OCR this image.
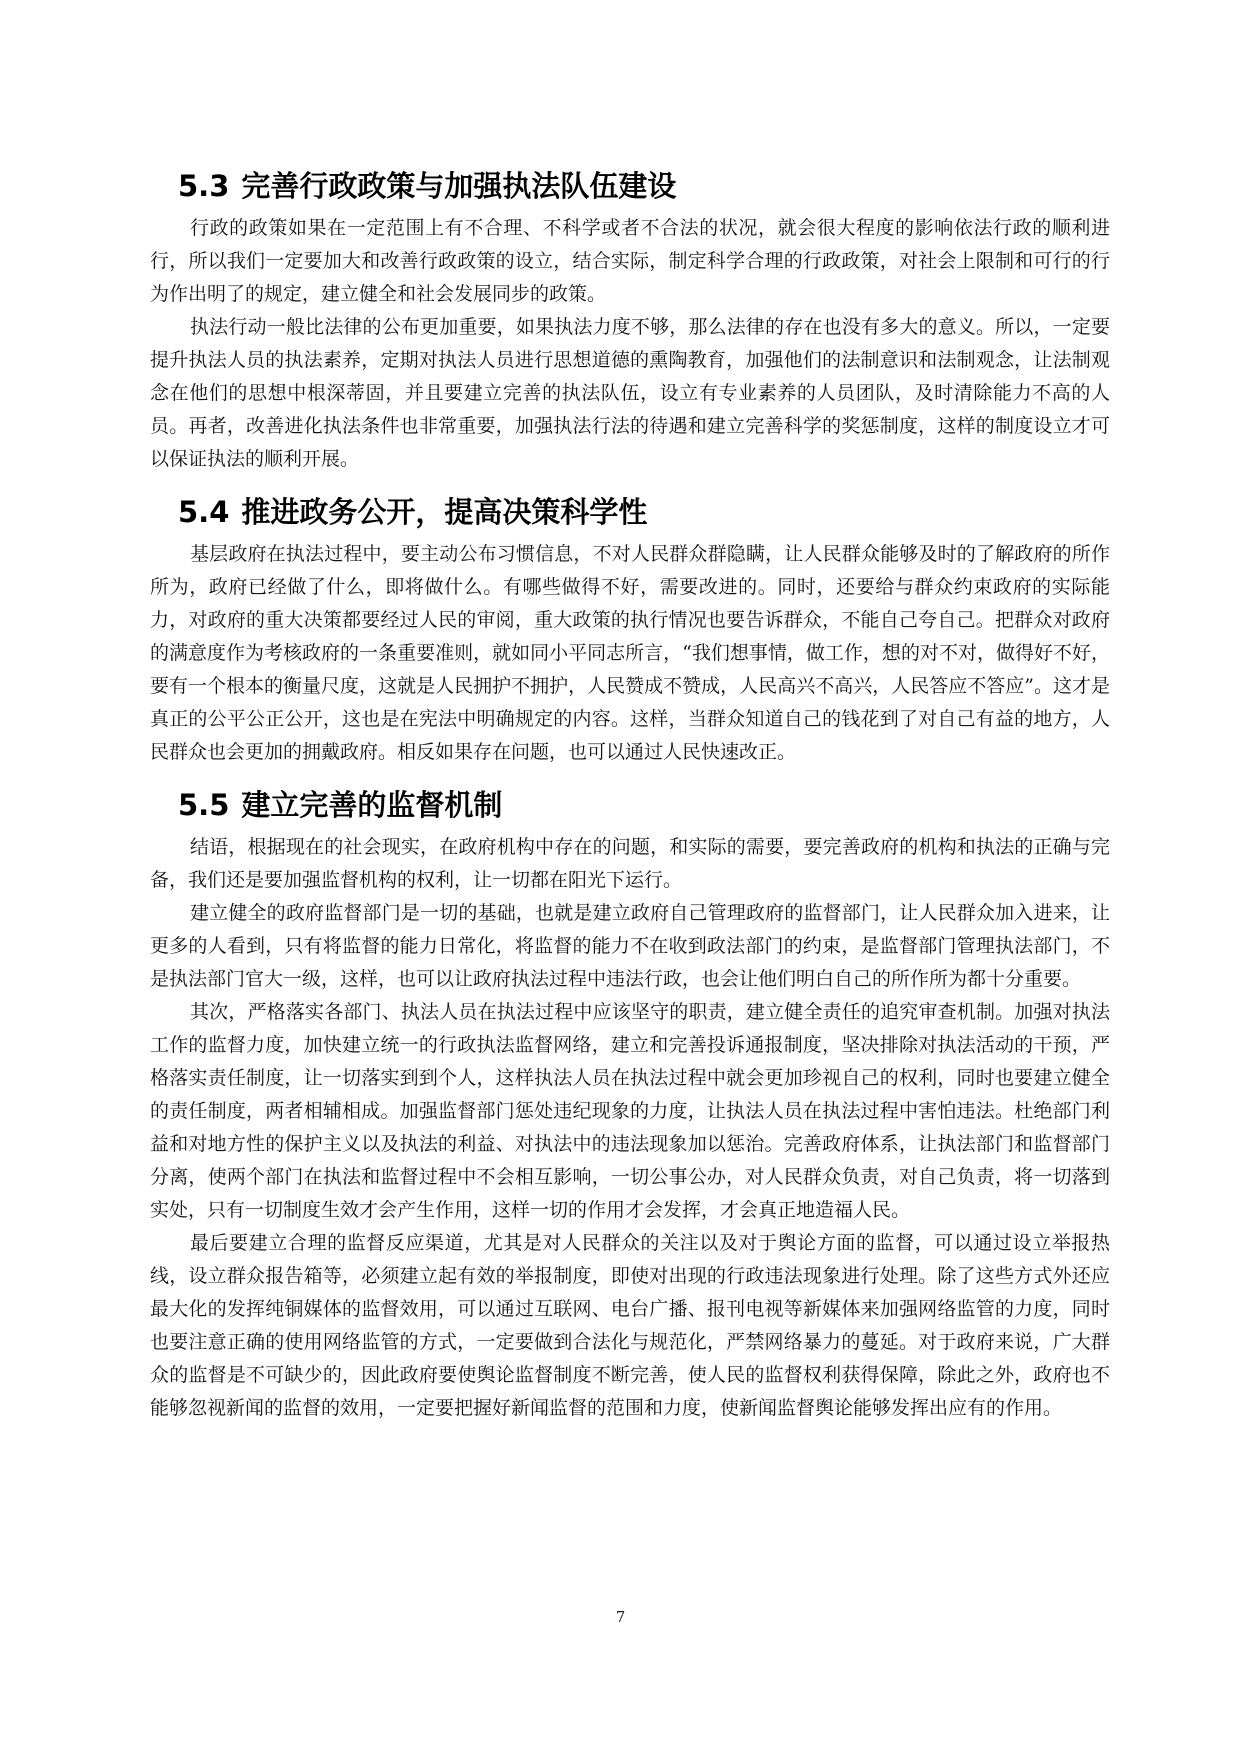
5.3 完善行政政策与加强执法队伍建设

行政的政策如果在一定范围上有不合理、不科学或者不合法的状况，就会很大程度的影响依法行政的顺利进行，所以我们一定要加大和改善行政政策的设立，结合实际，制定科学合理的行政政策，对社会上限制和可行的行为作出明了的规定，建立健全和社会发展同步的政策。

执法行动一般比法律的公布更加重要，如果执法力度不够，那么法律的存在也没有多大的意义。所以，一定要提升执法人员的执法素养，定期对执法人员进行思想道德的熏陶教育，加强他们的法制意识和法制观念，让法制观念在他们的思想中根深蒂固，并且要建立完善的执法队伍，设立有专业素养的人员团队，及时清除能力不高的人员。再者，改善进化执法条件也非常重要，加强执法行法的待遇和建立完善科学的奖惩制度，这样的制度设立才可以保证执法的顺利开展。

5.4 推进政务公开，提高决策科学性

基层政府在执法过程中，要主动公布习惯信息，不对人民群众群隐瞒，让人民群众能够及时的了解政府的所作所为，政府已经做了什么，即将做什么。有哪些做得不好，需要改进的。同时，还要给与群众约束政府的实际能力，对政府的重大决策都要经过人民的审阅，重大政策的执行情况也要告诉群众，不能自己夸自己。把群众对政府的满意度作为考核政府的一条重要准则，就如同小平同志所言，“我们想事情，做工作，想的对不对，做得好不好，要有一个根本的衡量尺度，这就是人民拥护不拥护，人民赞成不赞成，人民高兴不高兴，人民答应不答应”。这才是真正的公平公正公开，这也是在宪法中明确规定的内容。这样，当群众知道自己的钱花到了对自己有益的地方，人民群众也会更加的拥戴政府。相反如果存在问题，也可以通过人民快速改正。

5.5 建立完善的监督机制

结语，根据现在的社会现实，在政府机构中存在的问题，和实际的需要，要完善政府的机构和执法的正确与完备，我们还是要加强监督机构的权利，让一切都在阳光下运行。

建立健全的政府监督部门是一切的基础，也就是建立政府自己管理政府的监督部门，让人民群众加入进来，让更多的人看到，只有将监督的能力日常化，将监督的能力不在收到政法部门的约束，是监督部门管理执法部门，不是执法部门官大一级，这样，也可以让政府执法过程中违法行政，也会让他们明白自己的所作所为都十分重要。

其次，严格落实各部门、执法人员在执法过程中应该坚守的职责，建立健全责任的追究审查机制。加强对执法工作的监督力度，加快建立统一的行政执法监督网络，建立和完善投诉通报制度，坚决排除对执法活动的干预，严格落实责任制度，让一切落实到到个人，这样执法人员在执法过程中就会更加珍视自己的权利，同时也要建立健全的责任制度，两者相辅相成。加强监督部门惩处违纪现象的力度，让执法人员在执法过程中害怕违法。杜绝部门利益和对地方性的保护主义以及执法的利益、对执法中的违法现象加以惩治。完善政府体系，让执法部门和监督部门分离，使两个部门在执法和监督过程中不会相互影响，一切公事公办，对人民群众负责，对自己负责，将一切落到实处，只有一切制度生效才会产生作用，这样一切的作用才会发挥，才会真正地造福人民。

最后要建立合理的监督反应渠道，尤其是对人民群众的关注以及对于舆论方面的监督，可以通过设立举报热线，设立群众报告箱等，必须建立起有效的举报制度，即使对出现的行政违法现象进行处理。除了这些方式外还应最大化的发挥纯铜媒体的监督效用，可以通过互联网、电台广播、报刊电视等新媒体来加强网络监管的力度，同时也要注意正确的使用网络监管的方式，一定要做到合法化与规范化，严禁网络暴力的蔓延。对于政府来说，广大群众的监督是不可缺少的，因此政府要使舆论监督制度不断完善，使人民的监督权利获得保障，除此之外，政府也不能够忽视新闻的监督的效用，一定要把握好新闻监督的范围和力度，使新闻监督舆论能够发挥出应有的作用。

7
